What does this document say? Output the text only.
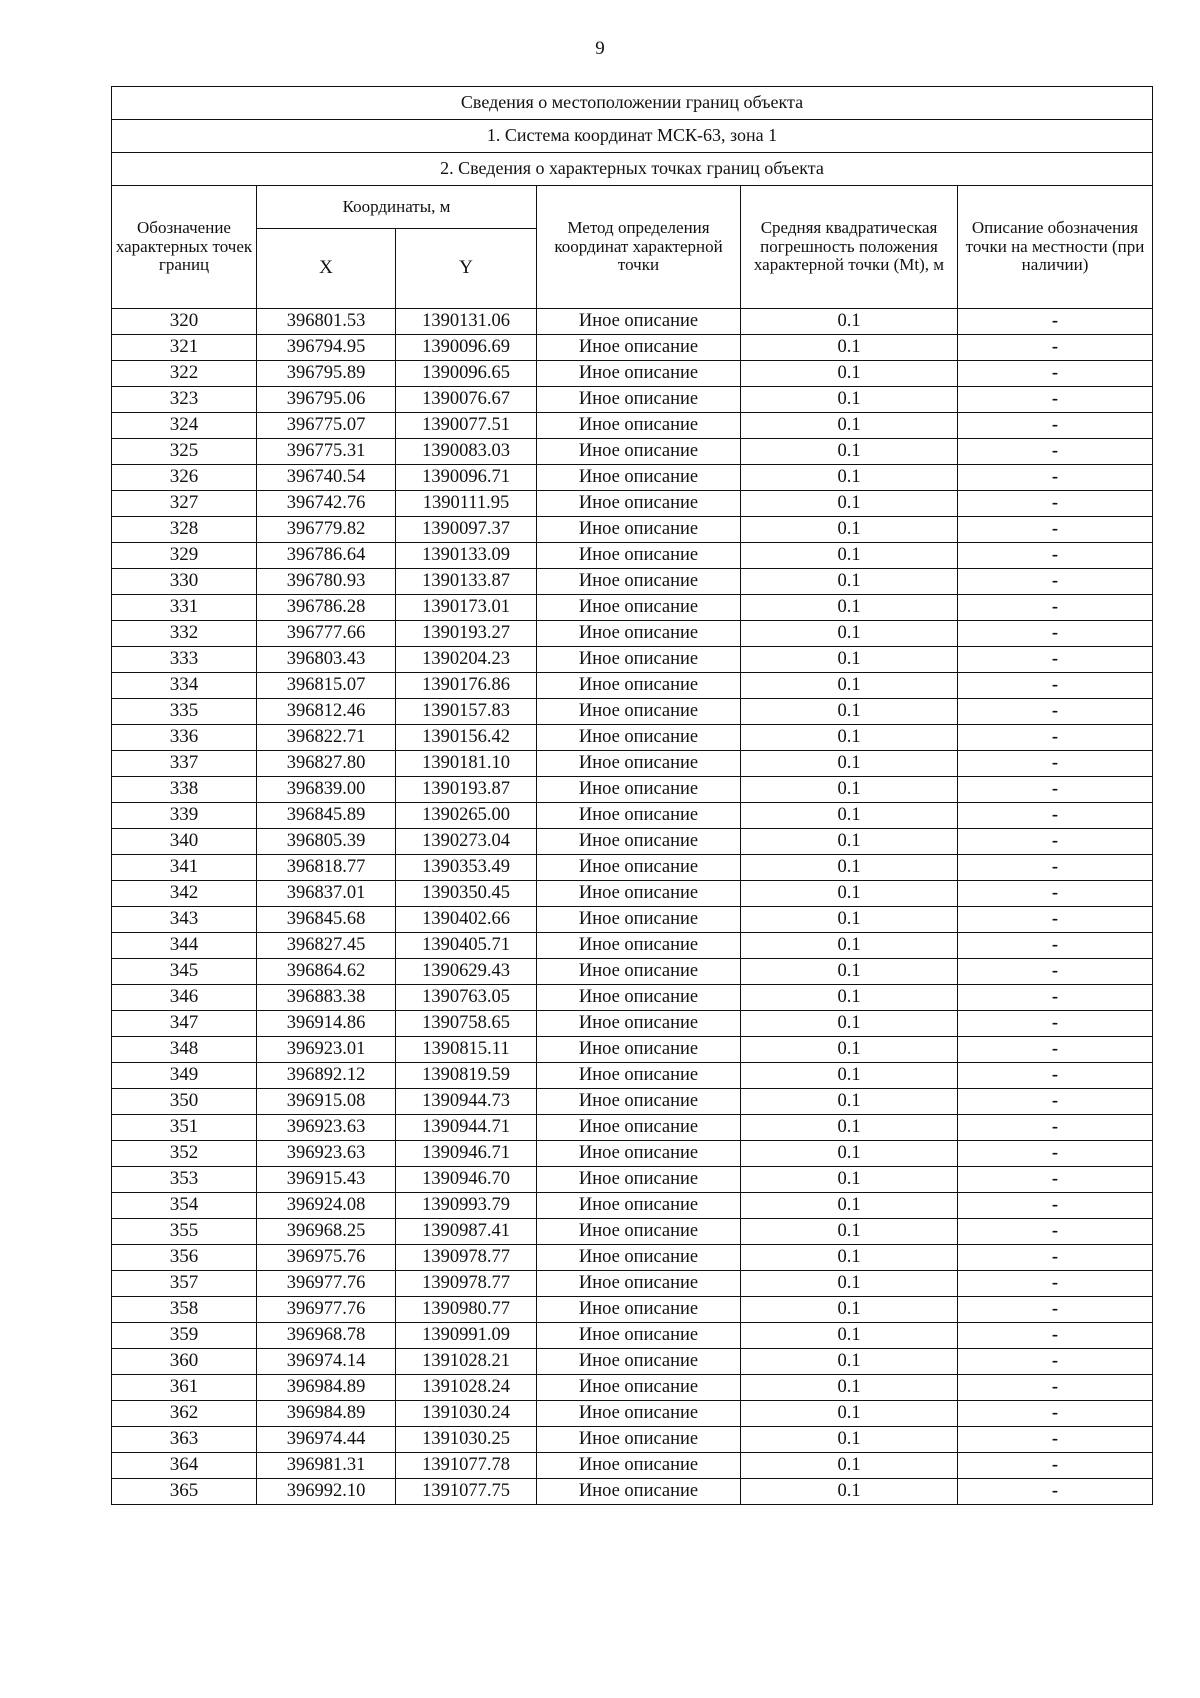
9
Сведения о местоположении границ объекта					
1. Система координат МСК-63, зона 1					
2. Сведения о характерных точках границ объекта					
Обозначение характерных точек границ	Координаты, м		Метод определения координат характерной точки	Средняя квадратическая погрешность положения характерной точки (Mt), м	Описание обозначения точки на местности (при наличии)
	X	Y			
320	396801.53	1390131.06	Иное описание	0.1	-
321	396794.95	1390096.69	Иное описание	0.1	-
322	396795.89	1390096.65	Иное описание	0.1	-
323	396795.06	1390076.67	Иное описание	0.1	-
324	396775.07	1390077.51	Иное описание	0.1	-
325	396775.31	1390083.03	Иное описание	0.1	-
326	396740.54	1390096.71	Иное описание	0.1	-
327	396742.76	1390111.95	Иное описание	0.1	-
328	396779.82	1390097.37	Иное описание	0.1	-
329	396786.64	1390133.09	Иное описание	0.1	-
330	396780.93	1390133.87	Иное описание	0.1	-
331	396786.28	1390173.01	Иное описание	0.1	-
332	396777.66	1390193.27	Иное описание	0.1	-
333	396803.43	1390204.23	Иное описание	0.1	-
334	396815.07	1390176.86	Иное описание	0.1	-
335	396812.46	1390157.83	Иное описание	0.1	-
336	396822.71	1390156.42	Иное описание	0.1	-
337	396827.80	1390181.10	Иное описание	0.1	-
338	396839.00	1390193.87	Иное описание	0.1	-
339	396845.89	1390265.00	Иное описание	0.1	-
340	396805.39	1390273.04	Иное описание	0.1	-
341	396818.77	1390353.49	Иное описание	0.1	-
342	396837.01	1390350.45	Иное описание	0.1	-
343	396845.68	1390402.66	Иное описание	0.1	-
344	396827.45	1390405.71	Иное описание	0.1	-
345	396864.62	1390629.43	Иное описание	0.1	-
346	396883.38	1390763.05	Иное описание	0.1	-
347	396914.86	1390758.65	Иное описание	0.1	-
348	396923.01	1390815.11	Иное описание	0.1	-
349	396892.12	1390819.59	Иное описание	0.1	-
350	396915.08	1390944.73	Иное описание	0.1	-
351	396923.63	1390944.71	Иное описание	0.1	-
352	396923.63	1390946.71	Иное описание	0.1	-
353	396915.43	1390946.70	Иное описание	0.1	-
354	396924.08	1390993.79	Иное описание	0.1	-
355	396968.25	1390987.41	Иное описание	0.1	-
356	396975.76	1390978.77	Иное описание	0.1	-
357	396977.76	1390978.77	Иное описание	0.1	-
358	396977.76	1390980.77	Иное описание	0.1	-
359	396968.78	1390991.09	Иное описание	0.1	-
360	396974.14	1391028.21	Иное описание	0.1	-
361	396984.89	1391028.24	Иное описание	0.1	-
362	396984.89	1391030.24	Иное описание	0.1	-
363	396974.44	1391030.25	Иное описание	0.1	-
364	396981.31	1391077.78	Иное описание	0.1	-
365	396992.10	1391077.75	Иное описание	0.1	-
